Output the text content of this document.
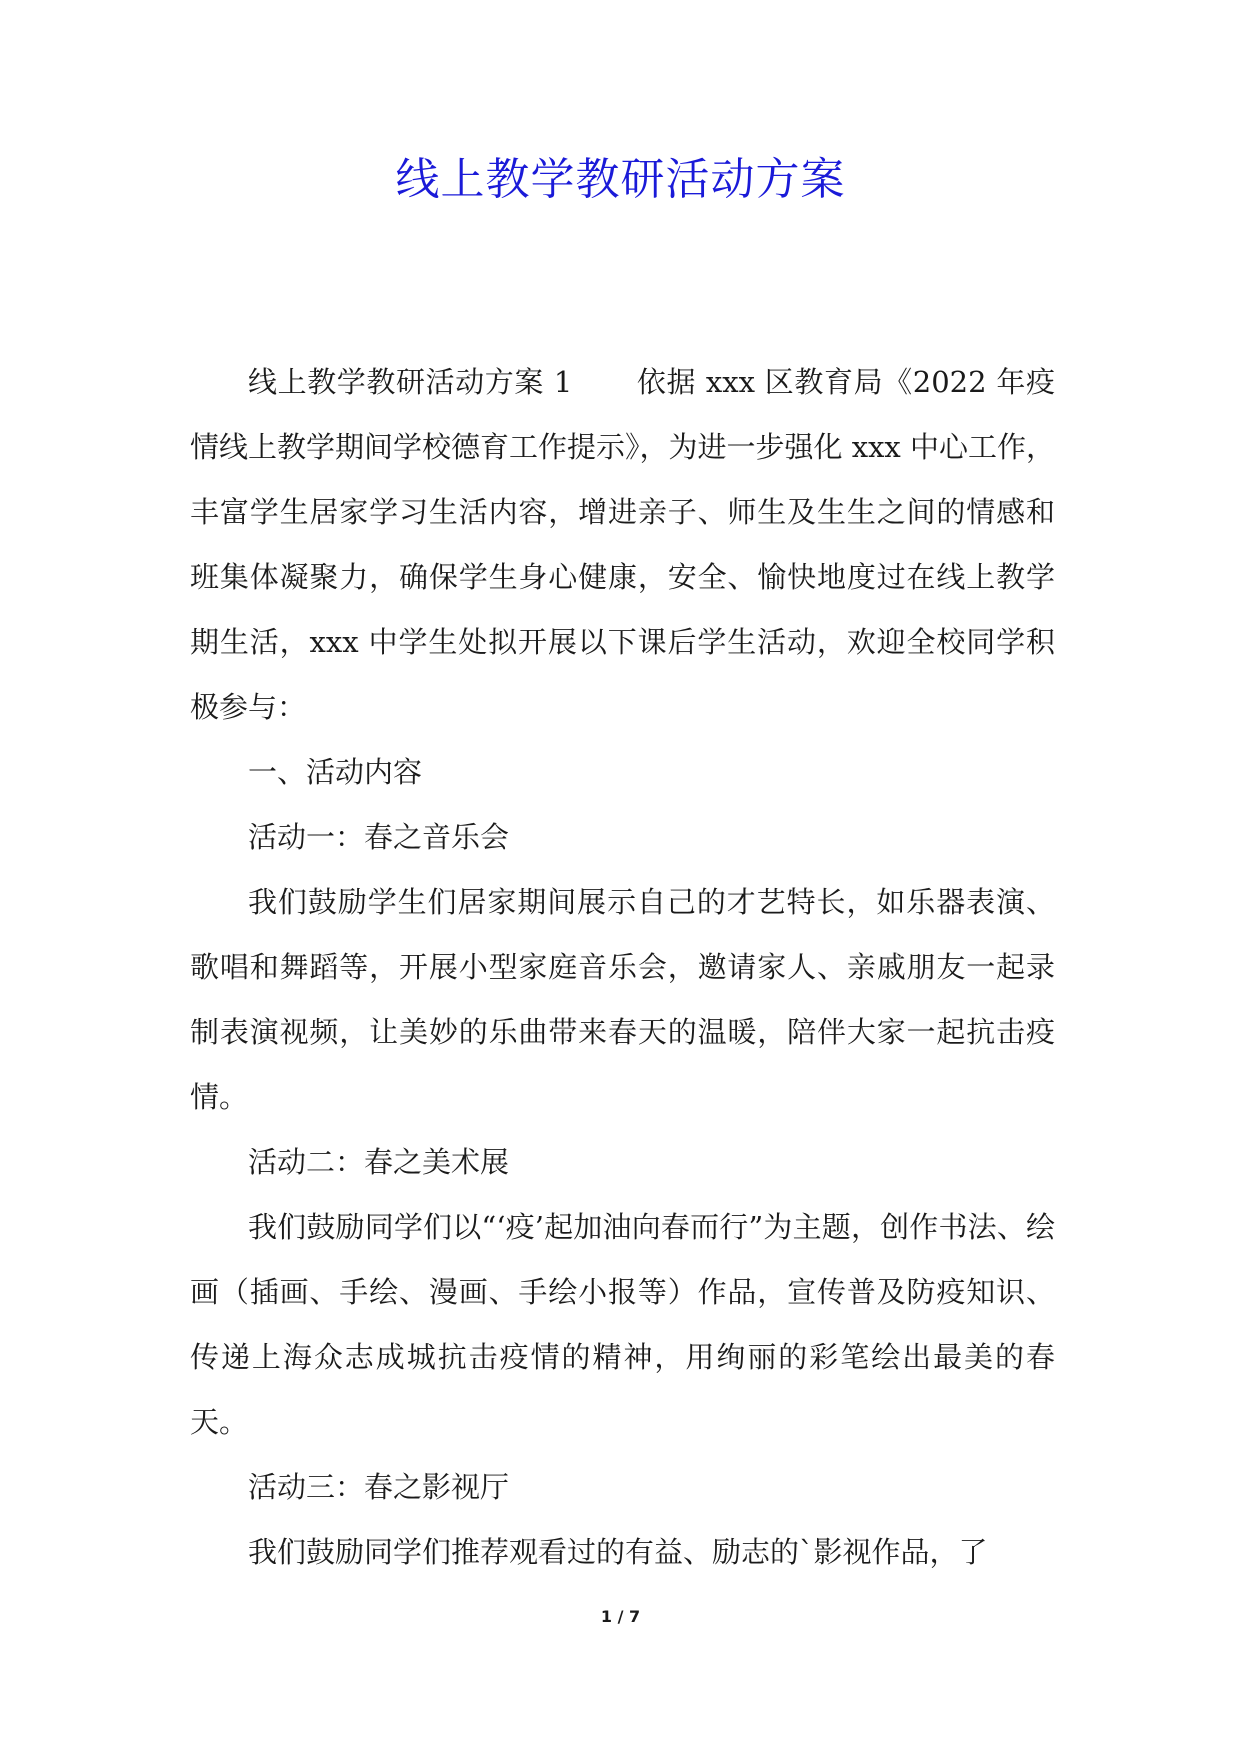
线上教学教研活动方案

线上教学教研活动方案 1 依据 xxx 区教育局《2022 年疫情线上教学期间学校德育工作提示》，为进一步强化 xxx 中心工作，丰富学生居家学习生活内容，增进亲子、师生及生生之间的情感和班集体凝聚力，确保学生身心健康，安全、愉快地度过在线上教学期生活，xxx 中学生处拟开展以下课后学生活动，欢迎全校同学积极参与：

一、活动内容

活动一：春之音乐会

我们鼓励学生们居家期间展示自己的才艺特长，如乐器表演、歌唱和舞蹈等，开展小型家庭音乐会，邀请家人、亲戚朋友一起录制表演视频，让美妙的乐曲带来春天的温暖，陪伴大家一起抗击疫情。

活动二：春之美术展

我们鼓励同学们以“‘疫’起加油向春而行”为主题，创作书法、绘画（插画、手绘、漫画、手绘小报等）作品，宣传普及防疫知识、传递上海众志成城抗击疫情的精神，用绚丽的彩笔绘出最美的春天。

活动三：春之影视厅

我们鼓励同学们推荐观看过的有益、励志的`影视作品，了

1 / 7
